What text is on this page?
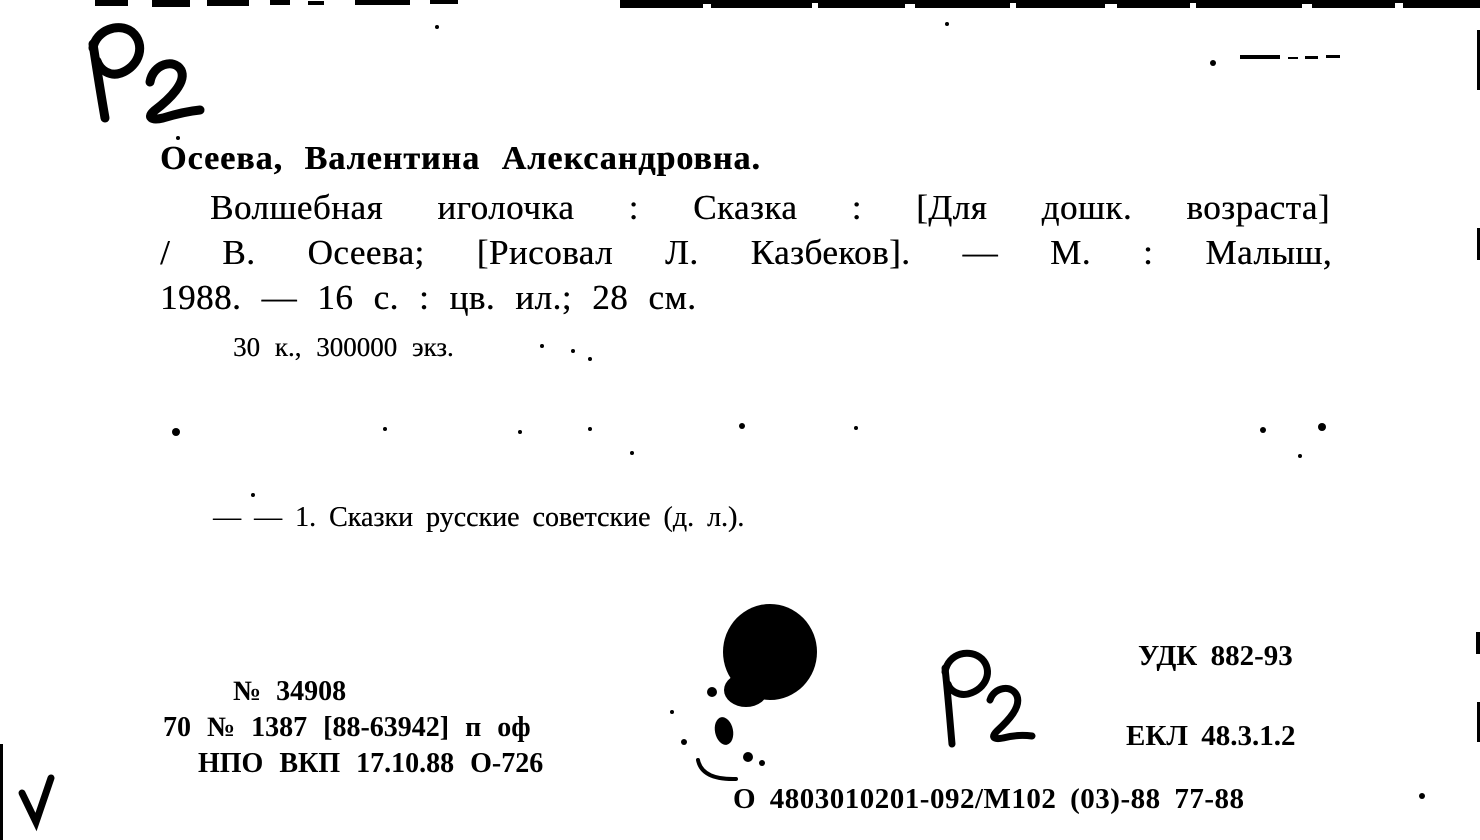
Осеева, Валентина Александровна.
Волшебная иголочка : Сказка : [Для дошк. возраста]
/ В. Осеева; [Рисовал Л. Казбеков]. — М. : Малыш,
1988. — 16 с. : цв. ил.; 28 см.
30 к., 300000 экз.
— — 1. Сказки русские советские (д. л.).
№ 34908
70 № 1387 [88-63942] п оф
НПО ВКП 17.10.88 О-726
УДК 882-93
ЕКЛ 48.3.1.2
О 4803010201-092/М102 (03)-88 77-88
